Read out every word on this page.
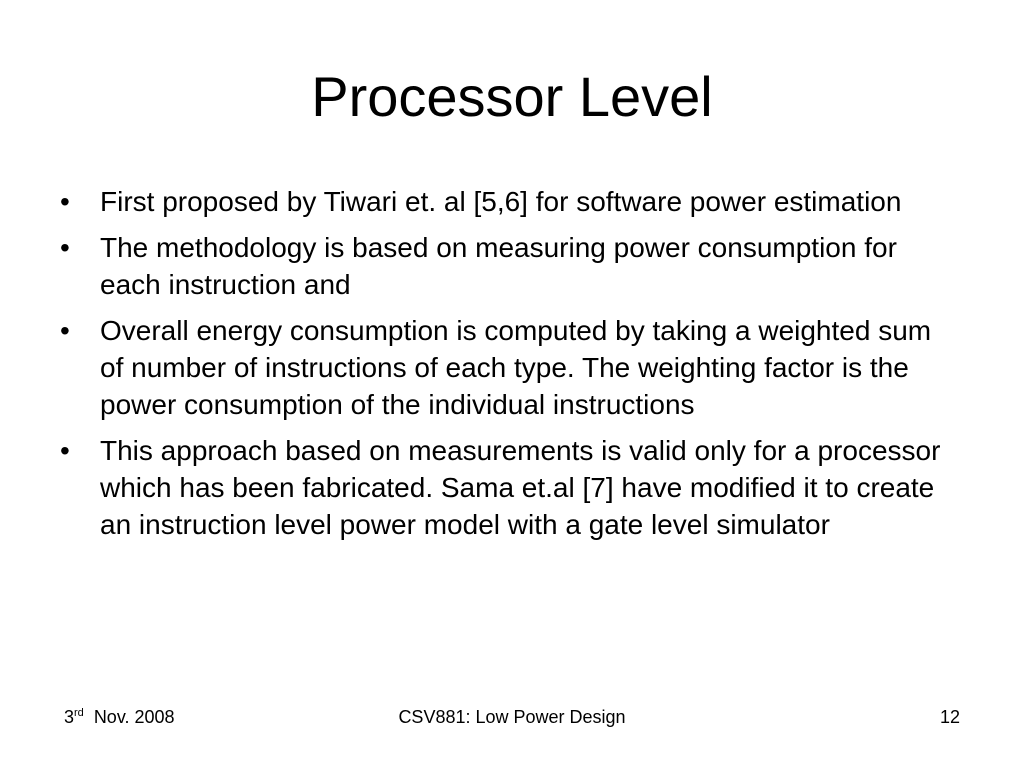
Processor Level
•	First proposed by Tiwari et. al [5,6] for software power estimation
•	The methodology is based on measuring power consumption for each instruction and
•	Overall energy consumption is computed by taking a weighted sum of number of instructions of each type. The weighting factor is the power consumption of the individual instructions
•	This approach based on measurements is valid only for a processor which has been fabricated. Sama et.al [7] have modified it to create an instruction level power model with a gate level simulator
3rd Nov. 2008	CSV881: Low Power Design	12
